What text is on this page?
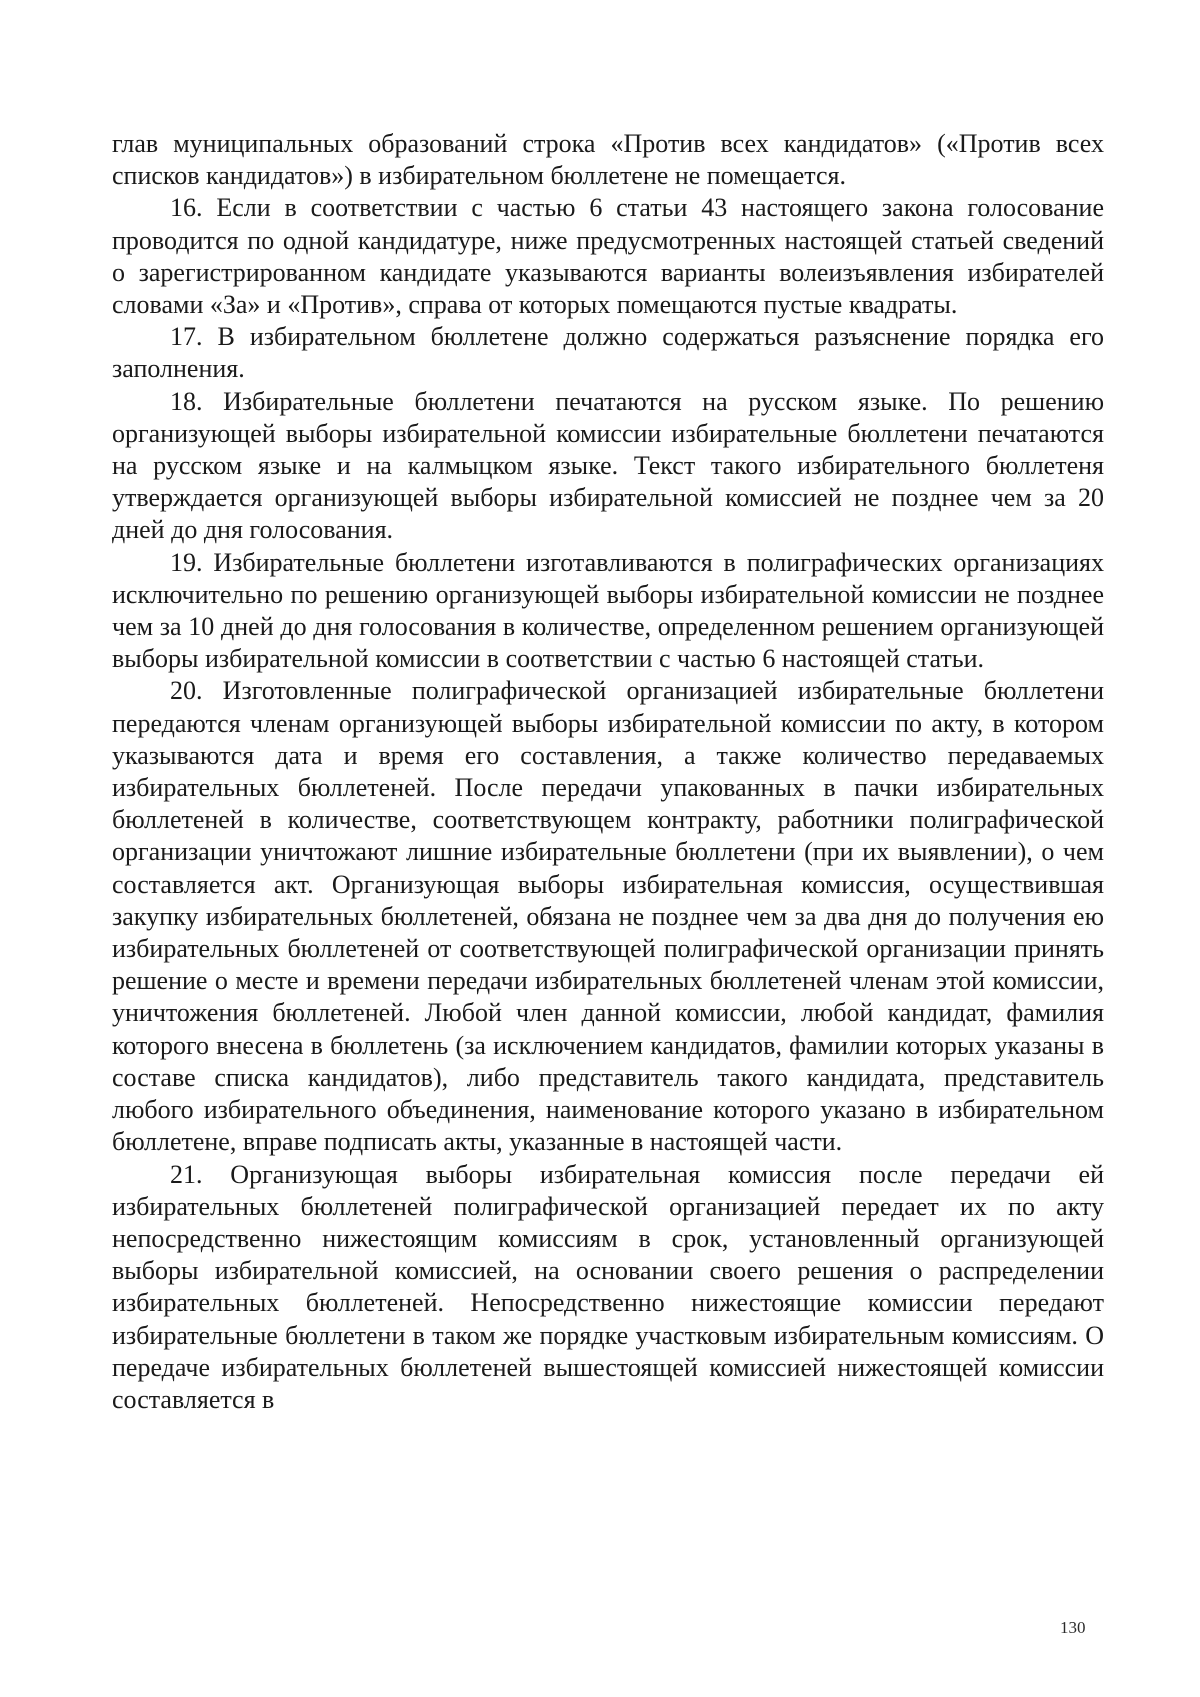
глав муниципальных образований строка «Против всех кандидатов» («Против всех списков кандидатов») в избирательном бюллетене не помещается.

16. Если в соответствии с частью 6 статьи 43 настоящего закона голосование проводится по одной кандидатуре, ниже предусмотренных настоящей статьей сведений о зарегистрированном кандидате указываются варианты волеизъявления избирателей словами «За» и «Против», справа от которых помещаются пустые квадраты.

17. В избирательном бюллетене должно содержаться разъяснение порядка его заполнения.

18. Избирательные бюллетени печатаются на русском языке. По решению организующей выборы избирательной комиссии избирательные бюллетени печатаются на русском языке и на калмыцком языке. Текст такого избирательного бюллетеня утверждается организующей выборы избирательной комиссией не позднее чем за 20 дней до дня голосования.

19. Избирательные бюллетени изготавливаются в полиграфических организациях исключительно по решению организующей выборы избирательной комиссии не позднее чем за 10 дней до дня голосования в количестве, определенном решением организующей выборы избирательной комиссии в соответствии с частью 6 настоящей статьи.

20. Изготовленные полиграфической организацией избирательные бюллетени передаются членам организующей выборы избирательной комиссии по акту, в котором указываются дата и время его составления, а также количество передаваемых избирательных бюллетеней. После передачи упакованных в пачки избирательных бюллетеней в количестве, соответствующем контракту, работники полиграфической организации уничтожают лишние избирательные бюллетени (при их выявлении), о чем составляется акт. Организующая выборы избирательная комиссия, осуществившая закупку избирательных бюллетеней, обязана не позднее чем за два дня до получения ею избирательных бюллетеней от соответствующей полиграфической организации принять решение о месте и времени передачи избирательных бюллетеней членам этой комиссии, уничтожения бюллетеней. Любой член данной комиссии, любой кандидат, фамилия которого внесена в бюллетень (за исключением кандидатов, фамилии которых указаны в составе списка кандидатов), либо представитель такого кандидата, представитель любого избирательного объединения, наименование которого указано в избирательном бюллетене, вправе подписать акты, указанные в настоящей части.

21. Организующая выборы избирательная комиссия после передачи ей избирательных бюллетеней полиграфической организацией передает их по акту непосредственно нижестоящим комиссиям в срок, установленный организующей выборы избирательной комиссией, на основании своего решения о распределении избирательных бюллетеней. Непосредственно нижестоящие комиссии передают избирательные бюллетени в таком же порядке участковым избирательным комиссиям. О передаче избирательных бюллетеней вышестоящей комиссией нижестоящей комиссии составляется в

130
